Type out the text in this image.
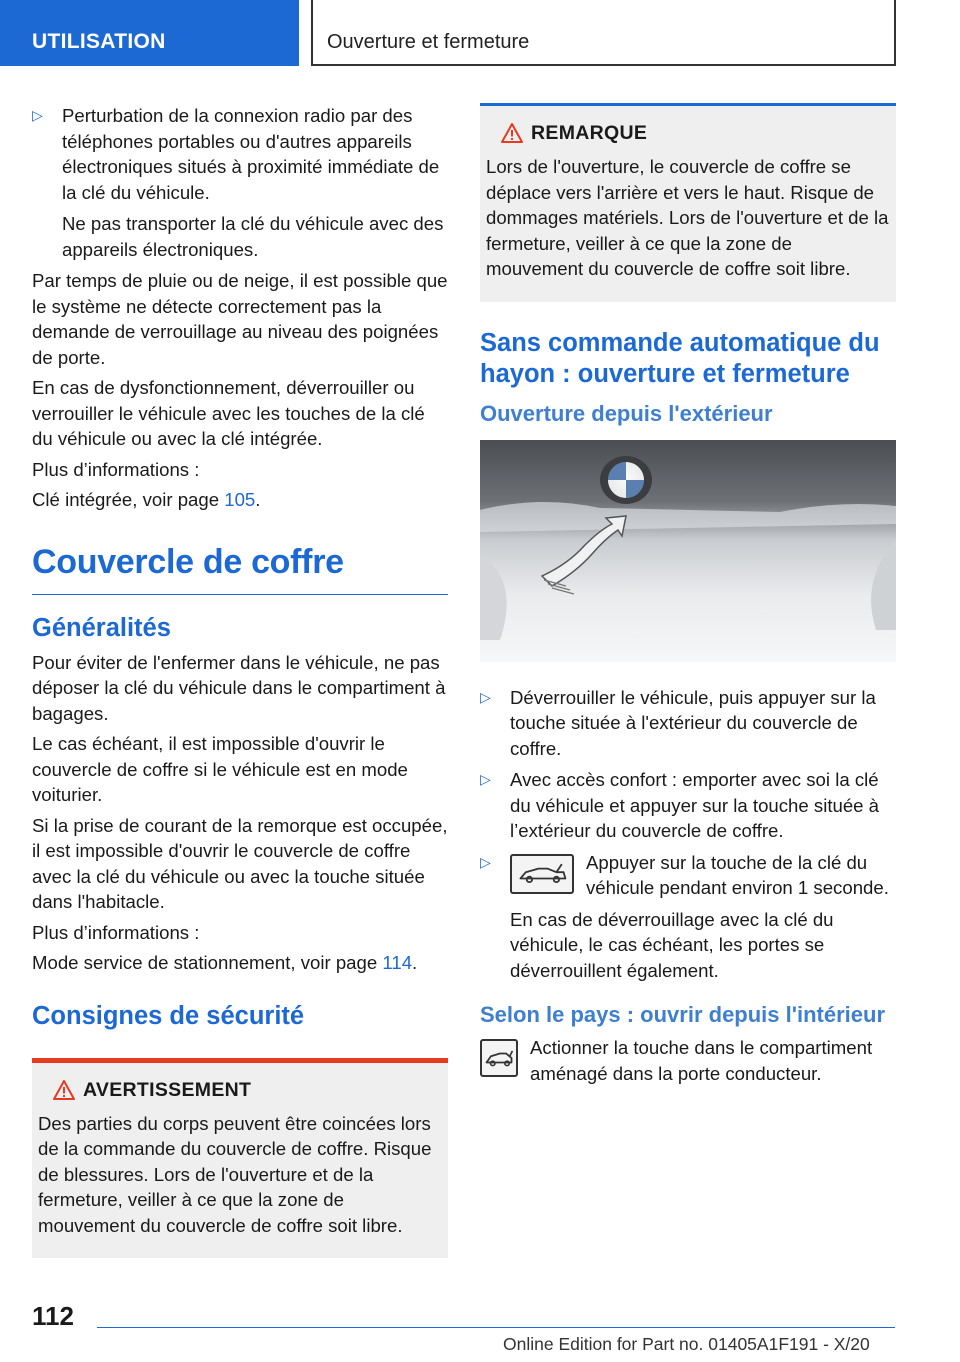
UTILISATION	Ouverture et fermeture
▷ Perturbation de la connexion radio par des téléphones portables ou d'autres appareils électroniques situés à proximité immédiate de la clé du véhicule.

Ne pas transporter la clé du véhicule avec des appareils électroniques.

Par temps de pluie ou de neige, il est possible que le système ne détecte correctement pas la demande de verrouillage au niveau des poignées de porte.

En cas de dysfonctionnement, déverrouiller ou verrouiller le véhicule avec les touches de la clé du véhicule ou avec la clé intégrée.

Plus d’informations :

Clé intégrée, voir page 105.

Couvercle de coffre
Généralités

Pour éviter de l'enfermer dans le véhicule, ne pas déposer la clé du véhicule dans le compartiment à bagages.

Le cas échéant, il est impossible d'ouvrir le couvercle de coffre si le véhicule est en mode voiturier.

Si la prise de courant de la remorque est occupée, il est impossible d'ouvrir le couvercle de coffre avec la clé du véhicule ou avec la touche située dans l'habitacle.

Plus d’informations :

Mode service de stationnement, voir page 114.

Consignes de sécurité
AVERTISSEMENT

Des parties du corps peuvent être coincées lors de la commande du couvercle de coffre. Risque de blessures. Lors de l'ouverture et de la fermeture, veiller à ce que la zone de mouvement du couvercle de coffre soit libre.

REMARQUE

Lors de l'ouverture, le couvercle de coffre se déplace vers l'arrière et vers le haut. Risque de dommages matériels. Lors de l'ouverture et de la fermeture, veiller à ce que la zone de mouvement du couvercle de coffre soit libre.

Sans commande automatique du hayon : ouverture et fermeture
Ouverture depuis l'extérieur
▷ Déverrouiller le véhicule, puis appuyer sur la touche située à l'extérieur du couvercle de coffre.

▷ Avec accès confort : emporter avec soi la clé du véhicule et appuyer sur la touche située à l’extérieur du couvercle de coffre.

▷	Appuyer sur la touche de la clé du véhicule pendant environ 1 seconde.

En cas de déverrouillage avec la clé du véhicule, le cas échéant, les portes se déverrouillent également.

Selon le pays : ouvrir depuis l'intérieur

Actionner la touche dans le compartiment aménagé dans la porte conducteur.

112
Online Edition for Part no. 01405A1F191 - X/20
